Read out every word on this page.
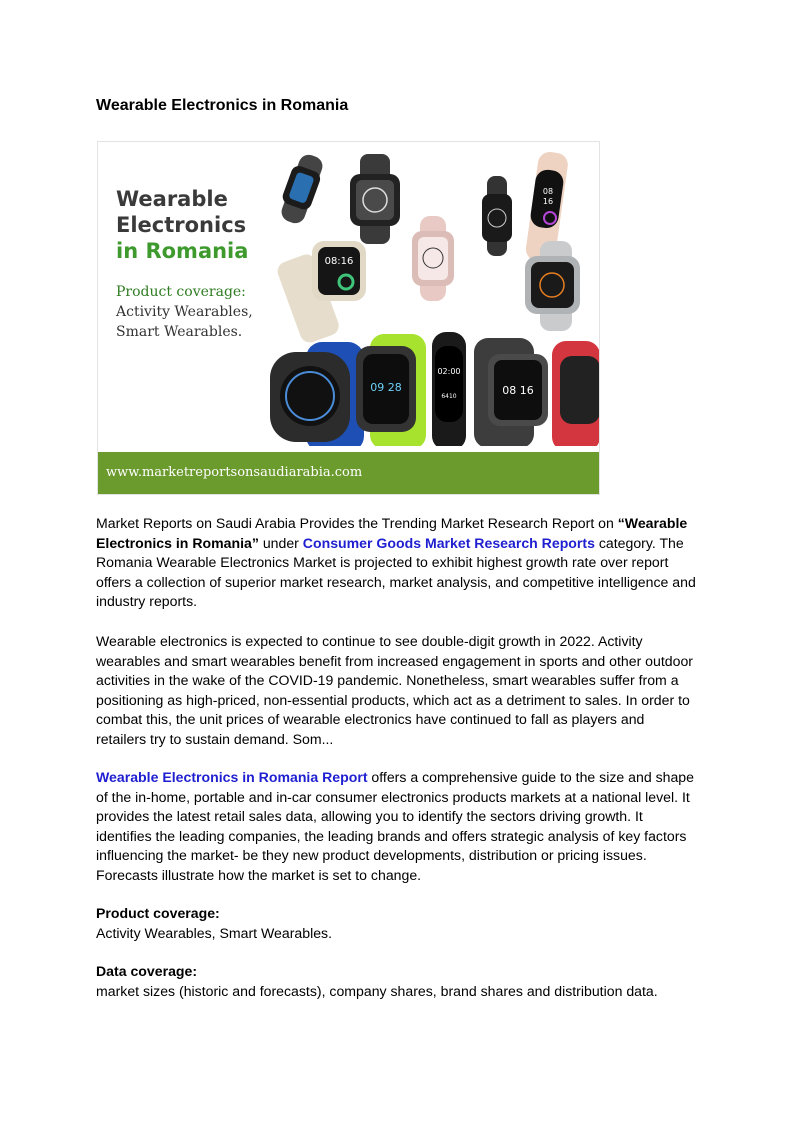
Wearable Electronics in Romania
Wearable
Electronics
in Romania
Product coverage:
Activity Wearables,
Smart Wearables.
08:16
08
16
09 28
02:00
6410	08 16
www.marketreportsonsaudiarabia.com

Market Reports on Saudi Arabia Provides the Trending Market Research Report on “Wearable Electronics in Romania” under Consumer Goods Market Research Reports category. The Romania Wearable Electronics Market is projected to exhibit highest growth rate over report offers a collection of superior market research, market analysis, and competitive intelligence and industry reports.

Wearable electronics is expected to continue to see double-digit growth in 2022. Activity wearables and smart wearables benefit from increased engagement in sports and other outdoor activities in the wake of the COVID-19 pandemic. Nonetheless, smart wearables suffer from a positioning as high-priced, non-essential products, which act as a detriment to sales. In order to combat this, the unit prices of wearable electronics have continued to fall as players and retailers try to sustain demand. Som...

Wearable Electronics in Romania Report offers a comprehensive guide to the size and shape of the in-home, portable and in-car consumer electronics products markets at a national level. It provides the latest retail sales data, allowing you to identify the sectors driving growth. It identifies the leading companies, the leading brands and offers strategic analysis of key factors influencing the market- be they new product developments, distribution or pricing issues. Forecasts illustrate how the market is set to change.

Product coverage:
Activity Wearables, Smart Wearables.
Data coverage:
market sizes (historic and forecasts), company shares, brand shares and distribution data.
